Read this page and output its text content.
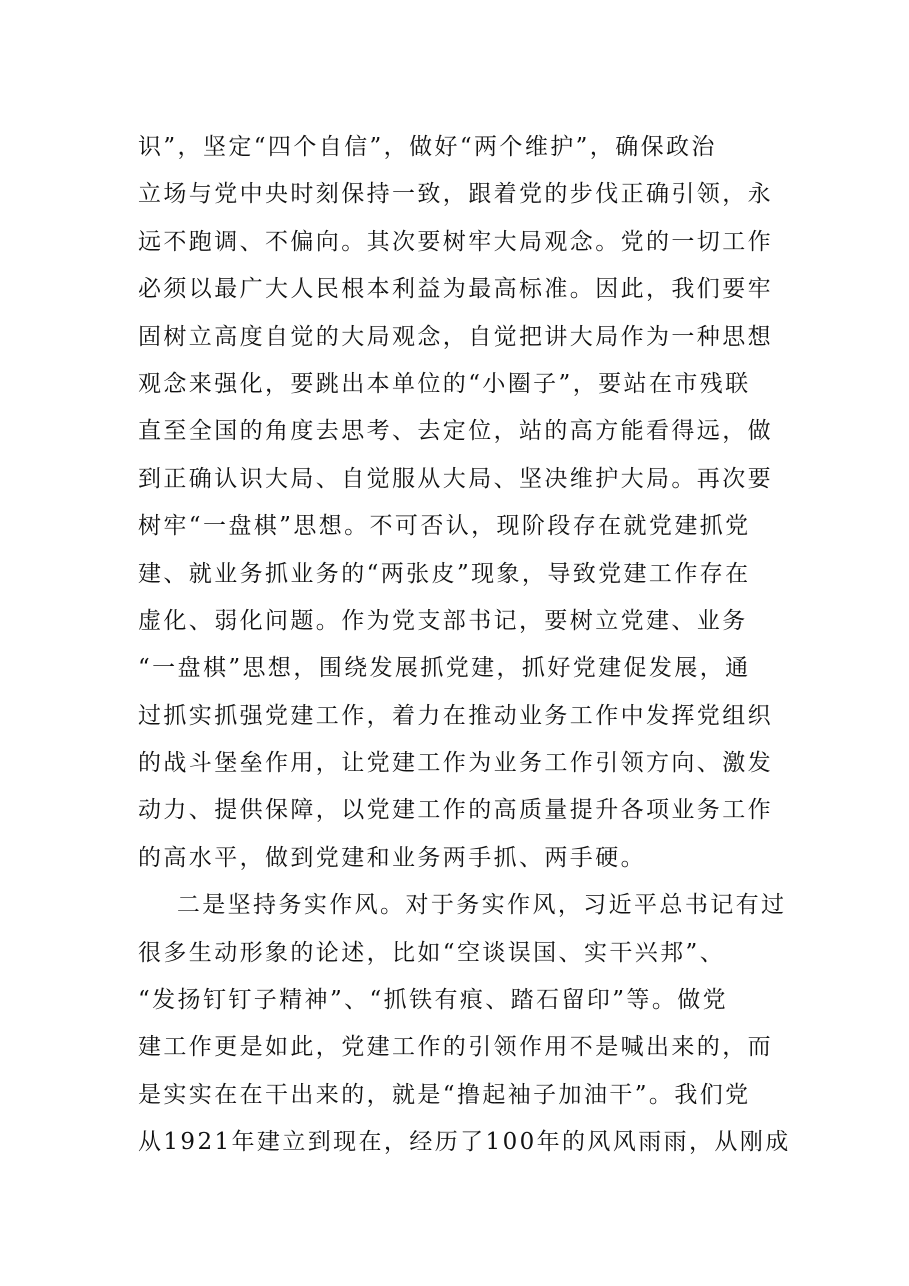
识”，坚定“四个自信”，做好“两个维护”，确保政治
立场与党中央时刻保持一致，跟着党的步伐正确引领，永
远不跑调、不偏向。其次要树牢大局观念。党的一切工作
必须以最广大人民根本利益为最高标准。因此，我们要牢
固树立高度自觉的大局观念，自觉把讲大局作为一种思想
观念来强化，要跳出本单位的“小圈子”，要站在市残联
直至全国的角度去思考、去定位，站的高方能看得远，做
到正确认识大局、自觉服从大局、坚决维护大局。再次要
树牢“一盘棋”思想。不可否认，现阶段存在就党建抓党
建、就业务抓业务的“两张皮”现象，导致党建工作存在
虚化、弱化问题。作为党支部书记，要树立党建、业务
“一盘棋”思想，围绕发展抓党建，抓好党建促发展，通
过抓实抓强党建工作，着力在推动业务工作中发挥党组织
的战斗堡垒作用，让党建工作为业务工作引领方向、激发
动力、提供保障，以党建工作的高质量提升各项业务工作
的高水平，做到党建和业务两手抓、两手硬。
二是坚持务实作风。对于务实作风，习近平总书记有过
很多生动形象的论述，比如“空谈误国、实干兴邦”、
“发扬钉钉子精神”、“抓铁有痕、踏石留印”等。做党
建工作更是如此，党建工作的引领作用不是喊出来的，而
是实实在在干出来的，就是“撸起袖子加油干”。我们党
从1921年建立到现在，经历了100年的风风雨雨，从刚成
